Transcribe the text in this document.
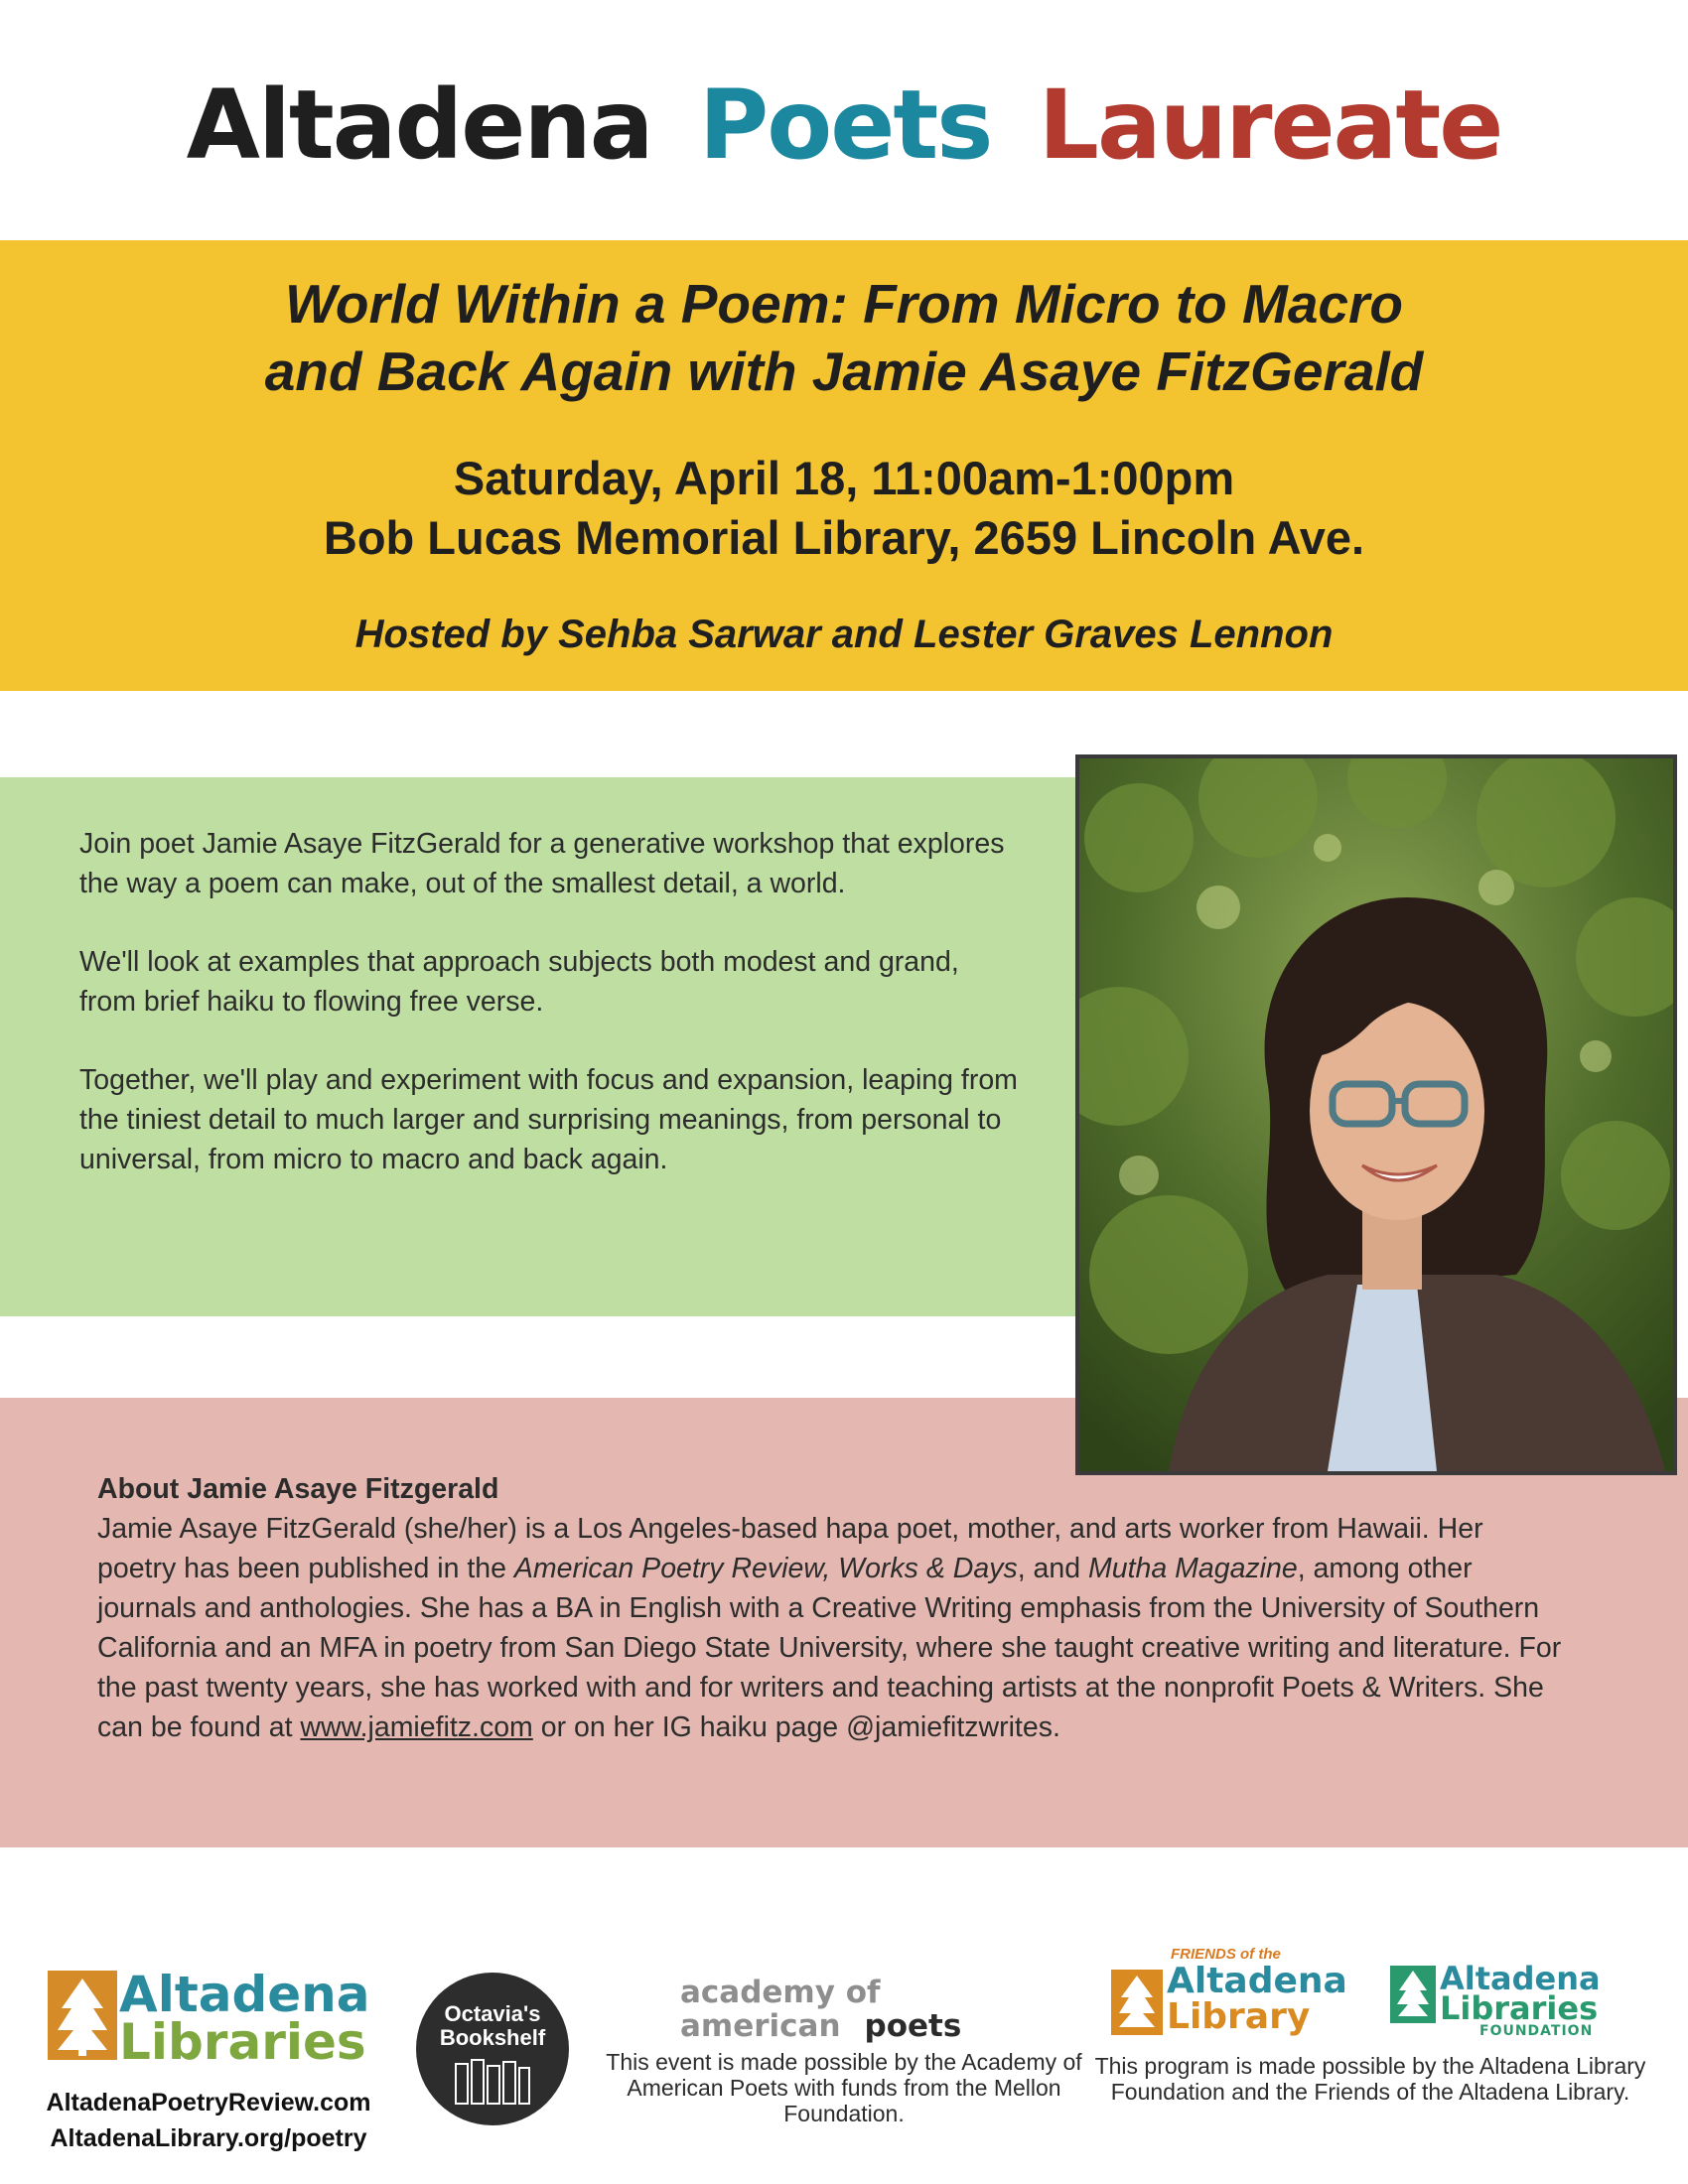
Altadena Poets Laureate
World Within a Poem: From Micro to Macro
and Back Again with Jamie Asaye FitzGerald
Saturday, April 18, 11:00am-1:00pm
Bob Lucas Memorial Library, 2659 Lincoln Ave.
Hosted by Sehba Sarwar and Lester Graves Lennon

Join poet Jamie Asaye FitzGerald for a generative workshop that explores the way a poem can make, out of the smallest detail, a world.

We'll look at examples that approach subjects both modest and grand, from brief haiku to flowing free verse.

Together, we'll play and experiment with focus and expansion, leaping from the tiniest detail to much larger and surprising meanings, from personal to universal, from micro to macro and back again.

About Jamie Asaye Fitzgerald
Jamie Asaye FitzGerald (she/her) is a Los Angeles-based hapa poet, mother, and arts worker from Hawaii. Her poetry has been published in the American Poetry Review, Works & Days, and Mutha Magazine, among other journals and anthologies. She has a BA in English with a Creative Writing emphasis from the University of Southern California and an MFA in poetry from San Diego State University, where she taught creative writing and literature. For the past twenty years, she has worked with and for writers and teaching artists at the nonprofit Poets & Writers. She can be found at www.jamiefitz.com or on her IG haiku page @jamiefitzwrites.
Altadena
Libraries
AltadenaPoetryReview.com
AltadenaLibrary.org/poetry
Octavia's
Bookshelf
academy of
american poets
This event is made possible by the Academy of American Poets with funds from the Mellon Foundation.
FRIENDS of the
Altadena
Library
Altadena
Libraries
FOUNDATION
This program is made possible by the Altadena Library Foundation and the Friends of the Altadena Library.
